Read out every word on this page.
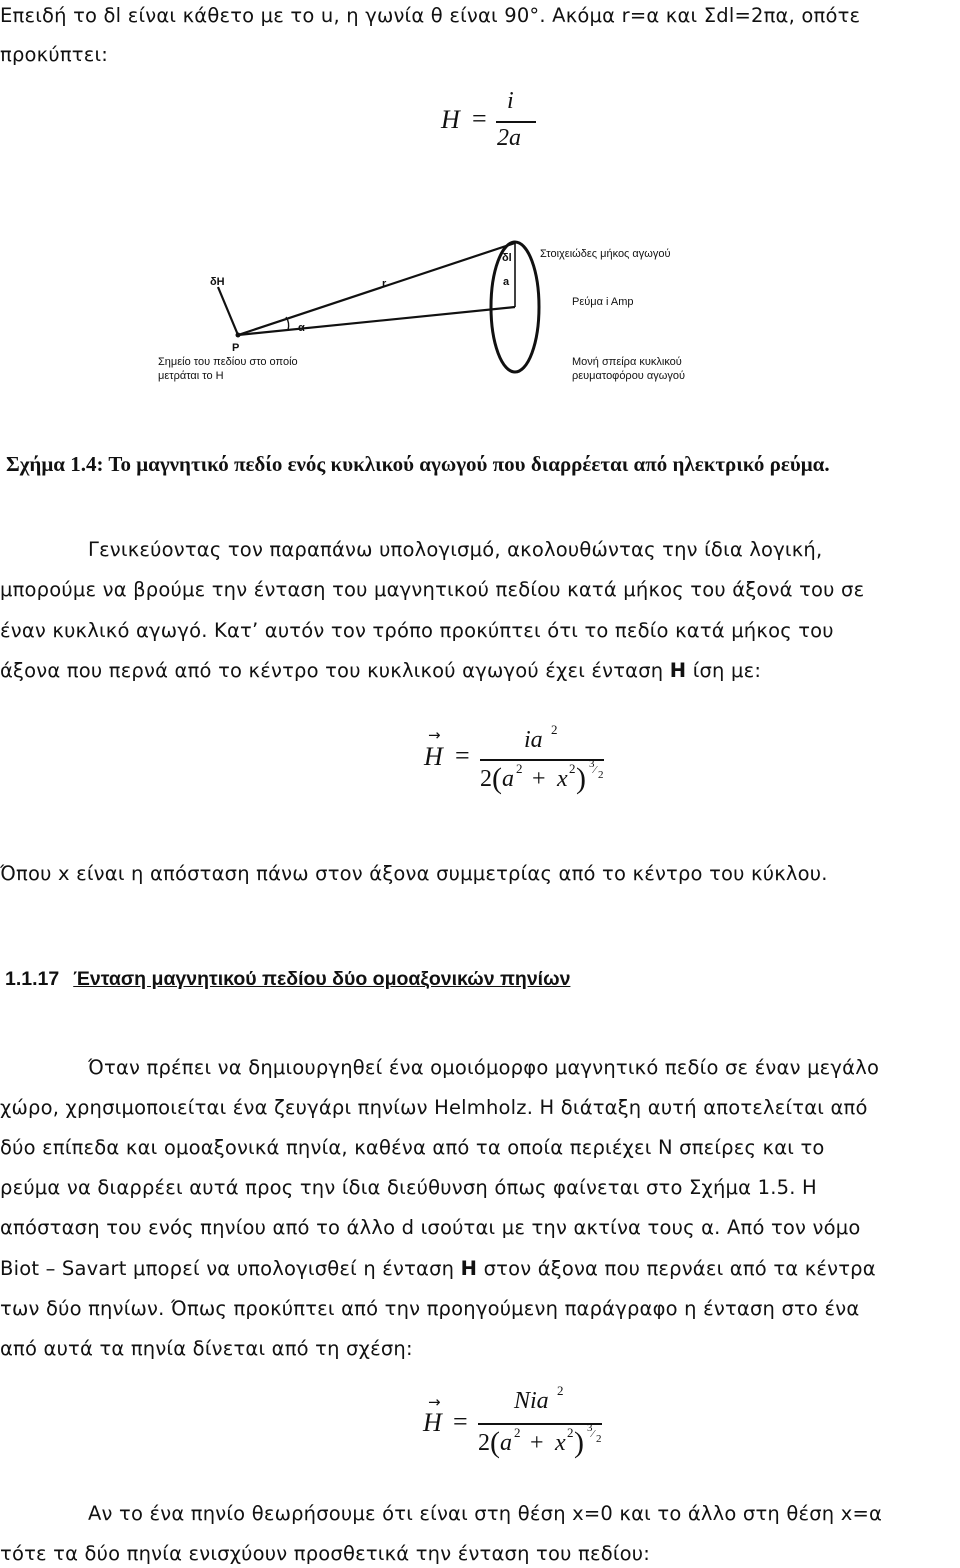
Επειδή το δl είναι κάθετο με το u, η γωνία θ είναι 90°. Ακόμα r=α και Σdl=2πα, οπότε
προκύπτει:
H =
i
2a
δl	Στοιχειώδες μήκος αγωγού
δH	r
α
a
Ρεύμα i Amp
P
Σημείο του πεδίου στο οποίο
μετράται το H
Μονή σπείρα κυκλικού
ρευματοφόρου αγωγού
Σχήμα 1.4: Το μαγνητικό πεδίο ενός κυκλικού αγωγού που διαρρέεται από ηλεκτρικό ρεύμα.
Γενικεύοντας τον παραπάνω υπολογισμό, ακολουθώντας την ίδια λογική,
μπορούμε να βρούμε την ένταση του μαγνητικού πεδίου κατά μήκος του άξονά του σε
έναν κυκλικό αγωγό. Κατ’ αυτόν τον τρόπο προκύπτει ότι το πεδίο κατά μήκος του
άξονα που περνά από το κέντρο του κυκλικού αγωγού έχει ένταση H ίση με:
→
H =
ia 2
2 ( a 2 + x 2 ) 3 ⁄ 2
Όπου x είναι η απόσταση πάνω στον άξονα συμμετρίας από το κέντρο του κύκλου.
1.1.17 Ένταση μαγνητικού πεδίου δύο ομοαξονικών πηνίων
Όταν πρέπει να δημιουργηθεί ένα ομοιόμορφο μαγνητικό πεδίο σε έναν μεγάλο
χώρο, χρησιμοποιείται ένα ζευγάρι πηνίων Helmholz. Η διάταξη αυτή αποτελείται από
δύο επίπεδα και ομοαξονικά πηνία, καθένα από τα οποία περιέχει Ν σπείρες και το
ρεύμα να διαρρέει αυτά προς την ίδια διεύθυνση όπως φαίνεται στο Σχήμα 1.5. Η
απόσταση του ενός πηνίου από το άλλο d ισούται με την ακτίνα τους α. Από τον νόμο
Biot – Savart μπορεί να υπολογισθεί η ένταση H στον άξονα που περνάει από τα κέντρα
των δύο πηνίων. Όπως προκύπτει από την προηγούμενη παράγραφο η ένταση στο ένα
από αυτά τα πηνία δίνεται από τη σχέση:
→
H =
Nia 2
2 ( a 2 + x 2 ) 3 ⁄ 2
Αν το ένα πηνίο θεωρήσουμε ότι είναι στη θέση x=0 και το άλλο στη θέση x=α
τότε τα δύο πηνία ενισχύουν προσθετικά την ένταση του πεδίου:
